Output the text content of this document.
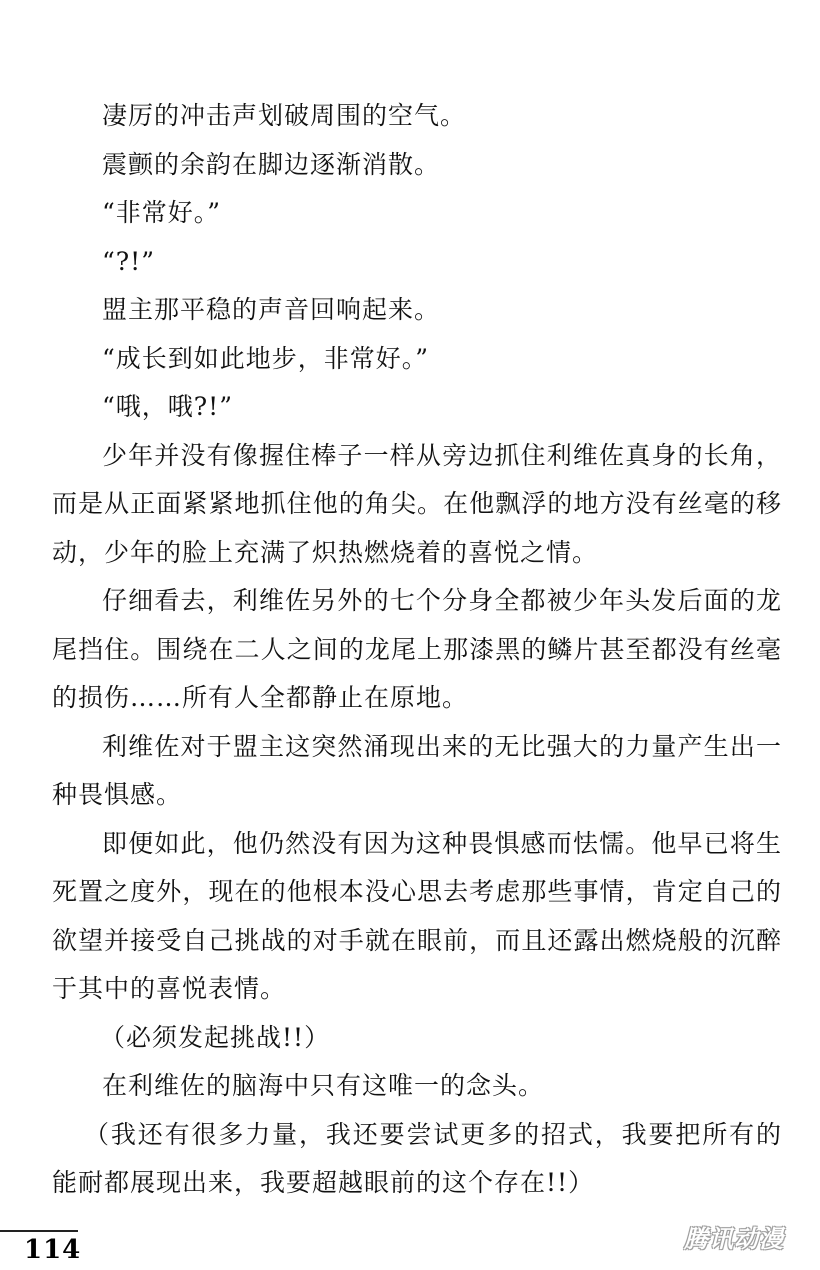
凄厉的冲击声划破周围的空气。

震颤的余韵在脚边逐渐消散。

“非常好。”

“?!”

盟主那平稳的声音回响起来。

“成长到如此地步，非常好。”

“哦，哦?!”

少年并没有像握住棒子一样从旁边抓住利维佐真身的长角，而是从正面紧紧地抓住他的角尖。在他飘浮的地方没有丝毫的移动，少年的脸上充满了炽热燃烧着的喜悦之情。

仔细看去，利维佐另外的七个分身全都被少年头发后面的龙尾挡住。围绕在二人之间的龙尾上那漆黑的鳞片甚至都没有丝毫的损伤……所有人全都静止在原地。

利维佐对于盟主这突然涌现出来的无比强大的力量产生出一种畏惧感。

即便如此，他仍然没有因为这种畏惧感而怯懦。他早已将生死置之度外，现在的他根本没心思去考虑那些事情，肯定自己的欲望并接受自己挑战的对手就在眼前，而且还露出燃烧般的沉醉于其中的喜悦表情。

（必须发起挑战!!）

在利维佐的脑海中只有这唯一的念头。

（我还有很多力量，我还要尝试更多的招式，我要把所有的能耐都展现出来，我要超越眼前的这个存在!!）

114	腾讯动漫
